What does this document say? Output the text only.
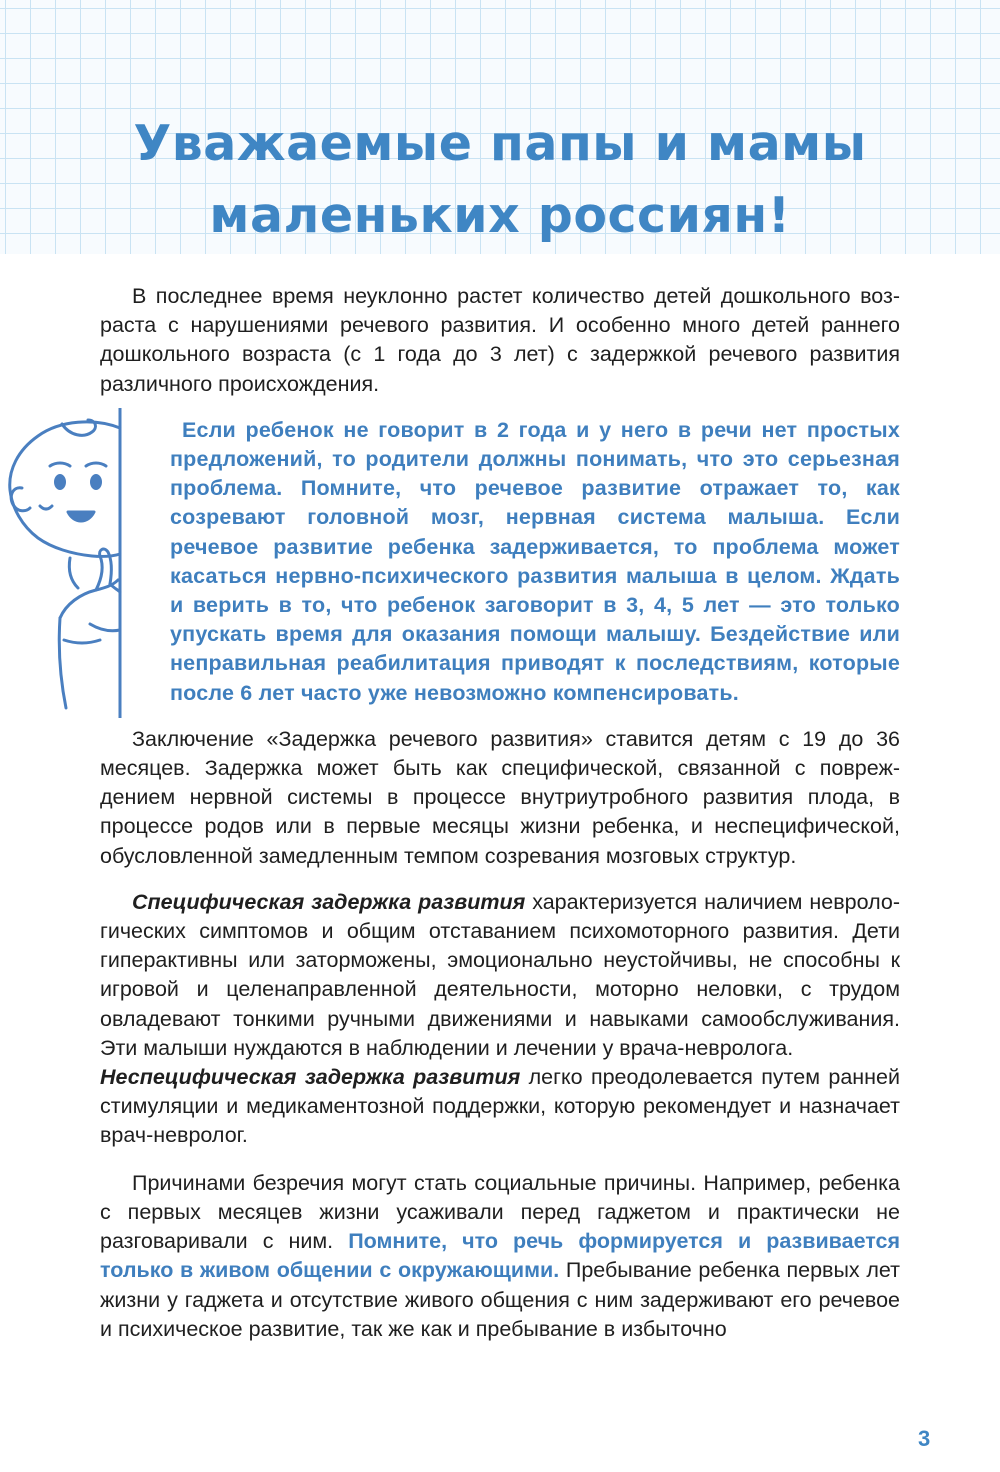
Уважаемые папы и мамы
маленьких россиян!

В последнее время неуклонно растет количество детей дошкольного возраста с нарушениями речевого развития. И особенно много детей раннего дошкольного возраста (с 1 года до 3 лет) с задержкой речевого развития различного происхождения.

Если ребенок не говорит в 2 года и у него в речи нет простых предложений, то родители должны понимать, что это серьезная проблема. Помните, что речевое развитие отражает то, как созревают головной мозг, нервная система малыша. Если речевое развитие ребенка задерживается, то проблема может касаться нервно-психического развития малыша в целом. Ждать и верить в то, что ребенок заговорит в 3, 4, 5 лет — это только упускать время для оказания помощи малышу. Бездействие или неправильная реабилитация приводят к последствиям, которые после 6 лет часто уже невозможно компенсировать.

Заключение «Задержка речевого развития» ставится детям с 19 до 36 месяцев. Задержка может быть как специфической, связанной с повреждением нервной системы в процессе внутриутробного развития плода, в процессе родов или в первые месяцы жизни ребенка, и неспецифической, обусловленной замедленным темпом созревания мозговых структур.

Специфическая задержка развития характеризуется наличием неврологических симптомов и общим отставанием психомоторного развития. Дети гиперактивны или заторможены, эмоционально неустойчивы, не способны к игровой и целенаправленной деятельности, моторно неловки, с трудом овладевают тонкими ручными движениями и навыками самообслуживания. Эти малыши нуждаются в наблюдении и лечении у врача-невролога.

Неспецифическая задержка развития легко преодолевается путем ранней стимуляции и медикаментозной поддержки, которую рекомендует и назначает врач-невролог.

Причинами безречия могут стать социальные причины. Например, ребенка с первых месяцев жизни усаживали перед гаджетом и практически не разговаривали с ним. Помните, что речь формируется и развивается только в живом общении с окружающими. Пребывание ребенка первых лет жизни у гаджета и отсутствие живого общения с ним задерживают его речевое и психическое развитие, так же как и пребывание в избыточно

3
